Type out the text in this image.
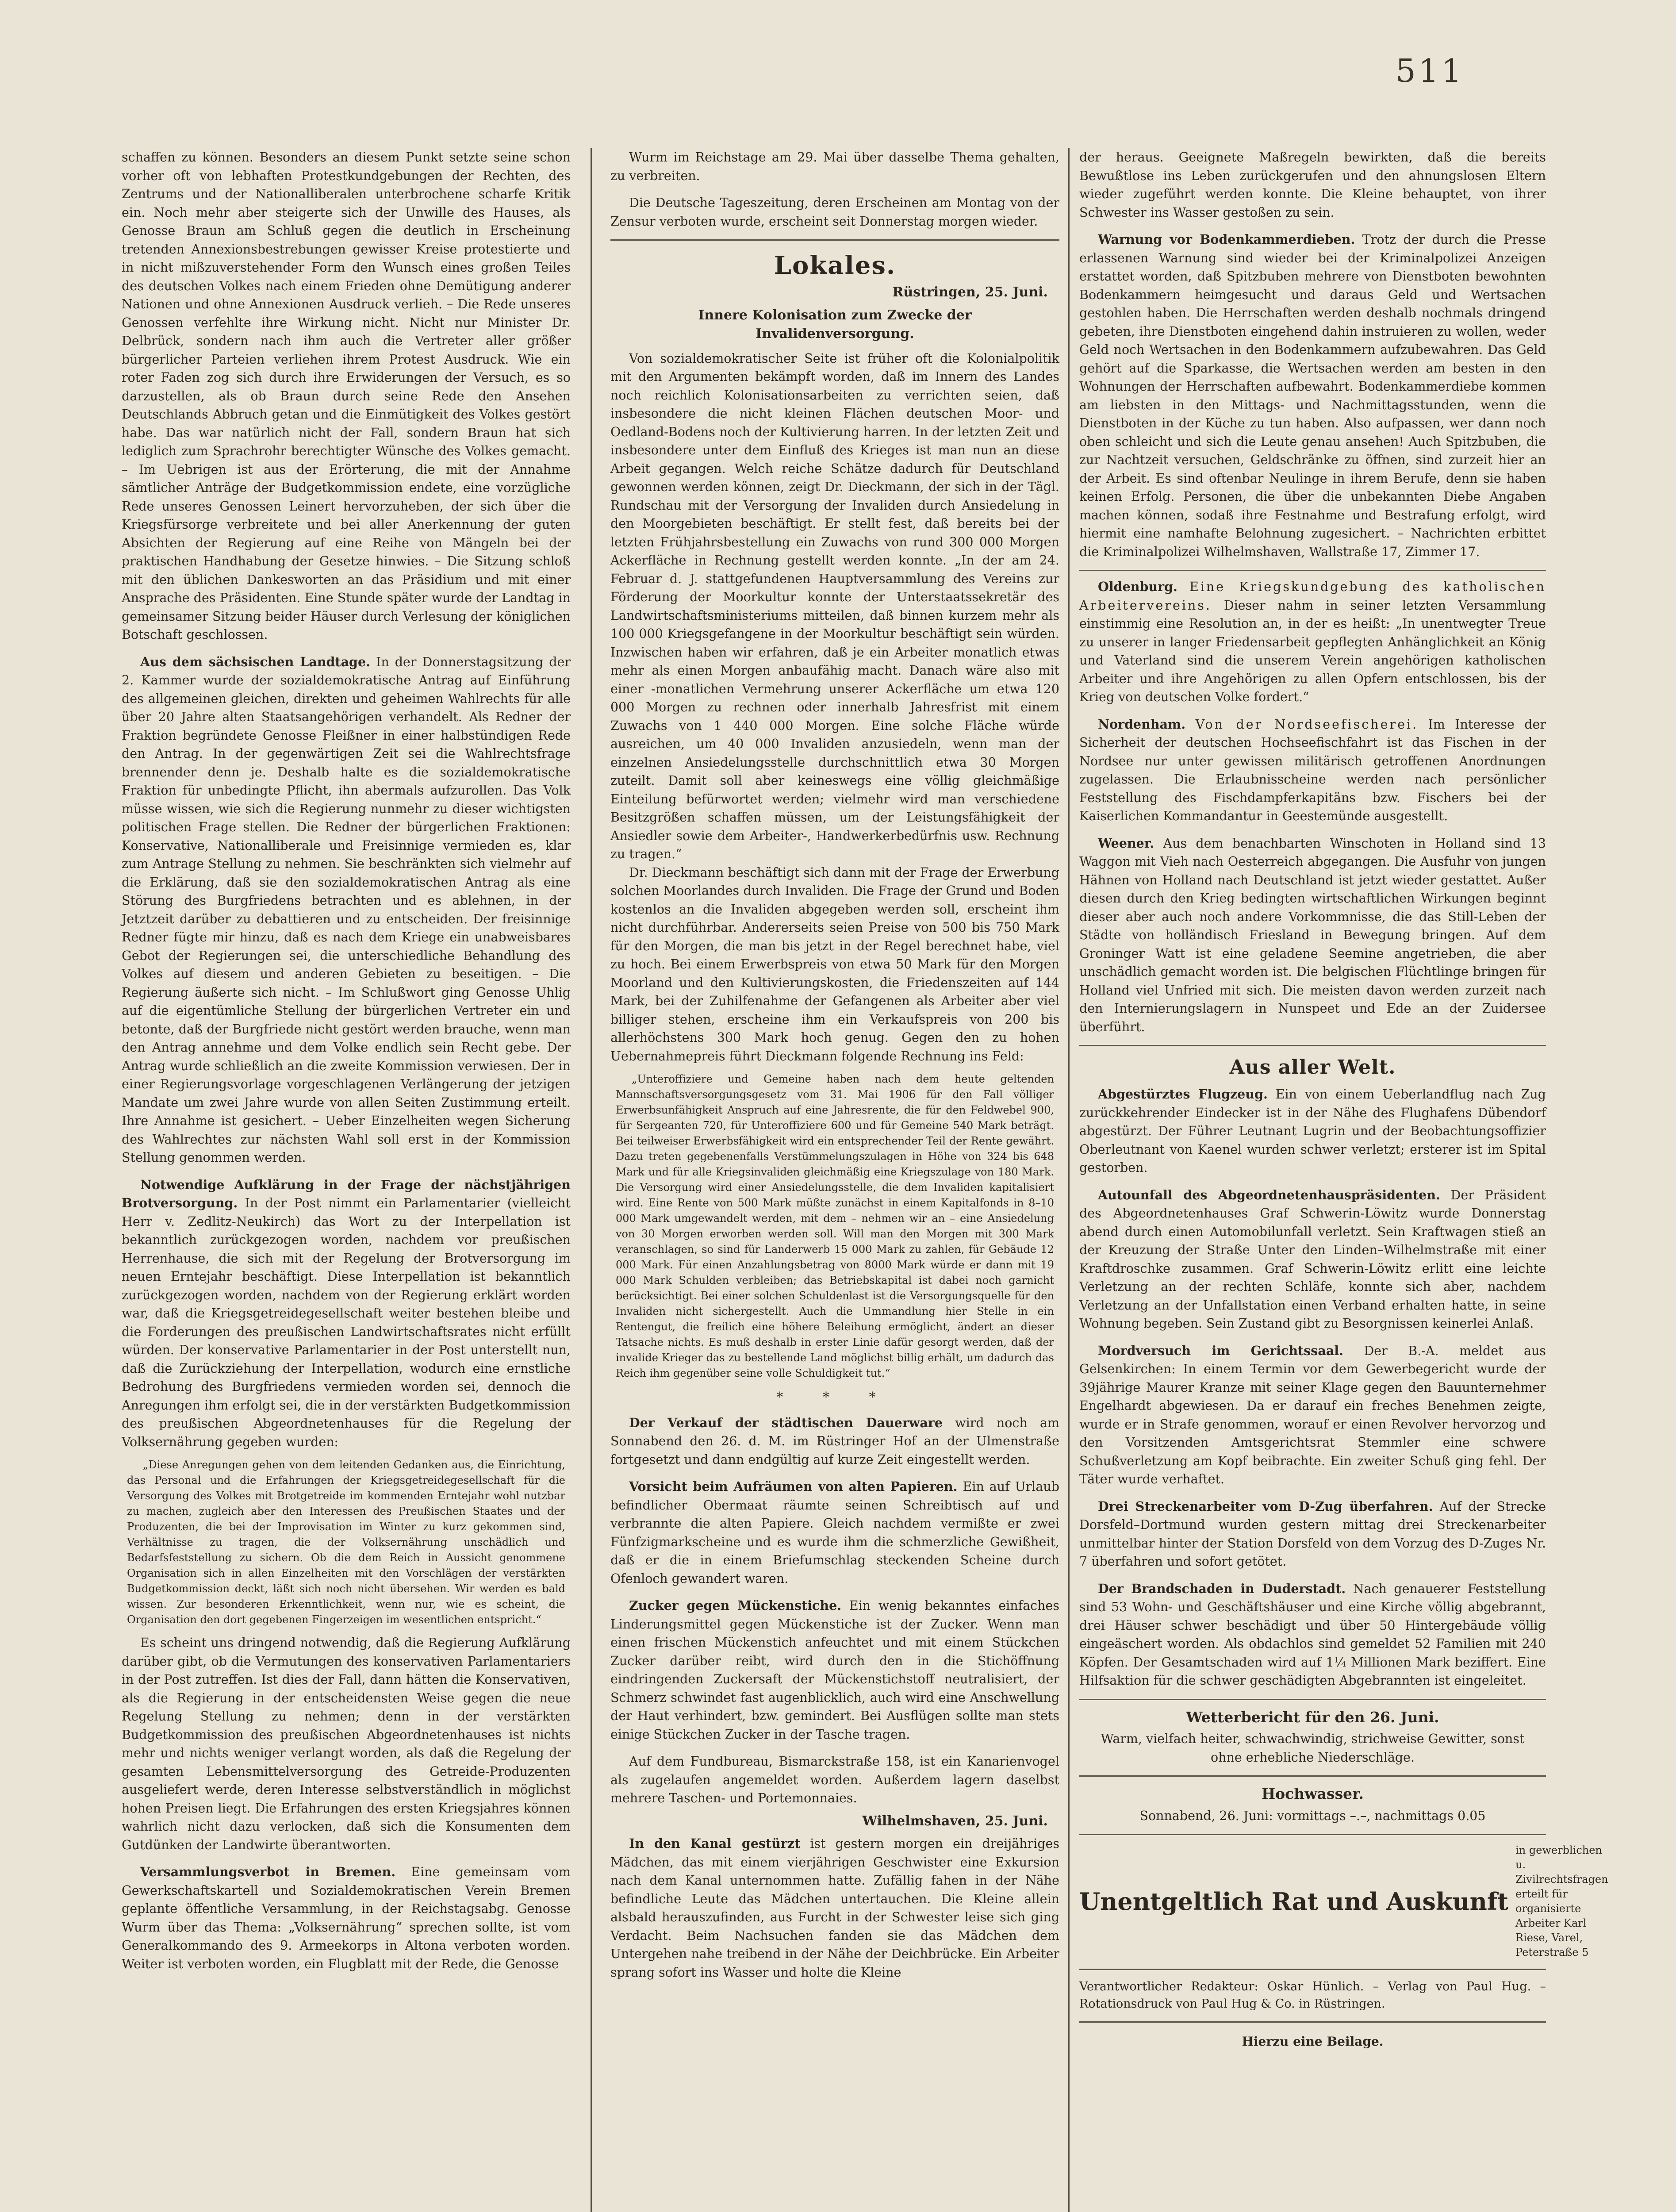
511

schaffen zu können. Besonders an diesem Punkt setzte seine schon vorher oft von lebhaften Protestkundgebungen der Rechten, des Zentrums und der Nationalliberalen unterbrochene scharfe Kritik ein. Noch mehr aber steigerte sich der Unwille des Hauses, als Genosse Braun am Schluß gegen die deutlich in Erscheinung tretenden Annexionsbestrebungen gewisser Kreise protestierte und in nicht mißzuverstehender Form den Wunsch eines großen Teiles des deutschen Volkes nach einem Frieden ohne Demütigung anderer Nationen und ohne Annexionen Ausdruck verlieh. – Die Rede unseres Genossen verfehlte ihre Wirkung nicht. Nicht nur Minister Dr. Delbrück, sondern nach ihm auch die Vertreter aller größer bürgerlicher Parteien verliehen ihrem Protest Ausdruck. Wie ein roter Faden zog sich durch ihre Erwiderungen der Versuch, es so darzustellen, als ob Braun durch seine Rede den Ansehen Deutschlands Abbruch getan und die Einmütigkeit des Volkes gestört habe. Das war natürlich nicht der Fall, sondern Braun hat sich lediglich zum Sprachrohr berechtigter Wünsche des Volkes gemacht. – Im Uebrigen ist aus der Erörterung, die mit der Annahme sämtlicher Anträge der Budgetkommission endete, eine vorzügliche Rede unseres Genossen Leinert hervorzuheben, der sich über die Kriegsfürsorge verbreitete und bei aller Anerkennung der guten Absichten der Regierung auf eine Reihe von Mängeln bei der praktischen Handhabung der Gesetze hinwies. – Die Sitzung schloß mit den üblichen Dankesworten an das Präsidium und mit einer Ansprache des Präsidenten. Eine Stunde später wurde der Landtag in gemeinsamer Sitzung beider Häuser durch Verlesung der königlichen Botschaft geschlossen.

Aus dem sächsischen Landtage. In der Donnerstagsitzung der 2. Kammer wurde der sozialdemokratische Antrag auf Einführung des allgemeinen gleichen, direkten und geheimen Wahlrechts für alle über 20 Jahre alten Staatsangehörigen verhandelt. Als Redner der Fraktion begründete Genosse Fleißner in einer halbstündigen Rede den Antrag. In der gegenwärtigen Zeit sei die Wahlrechtsfrage brennender denn je. Deshalb halte es die sozialdemokratische Fraktion für unbedingte Pflicht, ihn abermals aufzurollen. Das Volk müsse wissen, wie sich die Regierung nunmehr zu dieser wichtigsten politischen Frage stellen. Die Redner der bürgerlichen Fraktionen: Konservative, Nationalliberale und Freisinnige vermieden es, klar zum Antrage Stellung zu nehmen. Sie beschränkten sich vielmehr auf die Erklärung, daß sie den sozialdemokratischen Antrag als eine Störung des Burgfriedens betrachten und es ablehnen, in der Jetztzeit darüber zu debattieren und zu entscheiden. Der freisinnige Redner fügte mir hinzu, daß es nach dem Kriege ein unabweisbares Gebot der Regierungen sei, die unterschiedliche Behandlung des Volkes auf diesem und anderen Gebieten zu beseitigen. – Die Regierung äußerte sich nicht. – Im Schlußwort ging Genosse Uhlig auf die eigentümliche Stellung der bürgerlichen Vertreter ein und betonte, daß der Burgfriede nicht gestört werden brauche, wenn man den Antrag annehme und dem Volke endlich sein Recht gebe. Der Antrag wurde schließlich an die zweite Kommission verwiesen. Der in einer Regierungsvorlage vorgeschlagenen Verlängerung der jetzigen Mandate um zwei Jahre wurde von allen Seiten Zustimmung erteilt. Ihre Annahme ist gesichert. – Ueber Einzelheiten wegen Sicherung des Wahlrechtes zur nächsten Wahl soll erst in der Kommission Stellung genommen werden.

Notwendige Aufklärung in der Frage der nächstjährigen Brotversorgung. In der Post nimmt ein Parlamentarier (vielleicht Herr v. Zedlitz-Neukirch) das Wort zu der Interpellation ist bekanntlich zurückgezogen worden, nachdem vor preußischen Herrenhause, die sich mit der Regelung der Brotversorgung im neuen Erntejahr beschäftigt. Diese Interpellation ist bekanntlich zurückgezogen worden, nachdem von der Regierung erklärt worden war, daß die Kriegsgetreidegesellschaft weiter bestehen bleibe und die Forderungen des preußischen Landwirtschaftsrates nicht erfüllt würden. Der konservative Parlamentarier in der Post unterstellt nun, daß die Zurückziehung der Interpellation, wodurch eine ernstliche Bedrohung des Burgfriedens vermieden worden sei, dennoch die Anregungen ihm erfolgt sei, die in der verstärkten Budgetkommission des preußischen Abgeordnetenhauses für die Regelung der Volksernährung gegeben wurden:

„Diese Anregungen gehen von dem leitenden Gedanken aus, die Einrichtung, das Personal und die Erfahrungen der Kriegsgetreidegesellschaft für die Versorgung des Volkes mit Brotgetreide im kommenden Erntejahr wohl nutzbar zu machen, zugleich aber den Interessen des Preußischen Staates und der Produzenten, die bei der Improvisation im Winter zu kurz gekommen sind, Verhältnisse zu tragen, die der Volksernährung unschädlich und Bedarfsfeststellung zu sichern. Ob die dem Reich in Aussicht genommene Organisation sich in allen Einzelheiten mit den Vorschlägen der verstärkten Budgetkommission deckt, läßt sich noch nicht übersehen. Wir werden es bald wissen. Zur besonderen Erkenntlichkeit, wenn nur, wie es scheint, die Organisation den dort gegebenen Fingerzeigen im wesentlichen entspricht.“

Es scheint uns dringend notwendig, daß die Regierung Aufklärung darüber gibt, ob die Vermutungen des konservativen Parlamentariers in der Post zutreffen. Ist dies der Fall, dann hätten die Konservativen, als die Regierung in der entscheidensten Weise gegen die neue Regelung Stellung zu nehmen; denn in der verstärkten Budgetkommission des preußischen Abgeordnetenhauses ist nichts mehr und nichts weniger verlangt worden, als daß die Regelung der gesamten Lebensmittelversorgung des Getreide-Produzenten ausgeliefert werde, deren Interesse selbstverständlich in möglichst hohen Preisen liegt. Die Erfahrungen des ersten Kriegsjahres können wahrlich nicht dazu verlocken, daß sich die Konsumenten dem Gutdünken der Landwirte überantworten.

Versammlungsverbot in Bremen. Eine gemeinsam vom Gewerkschaftskartell und Sozialdemokratischen Verein Bremen geplante öffentliche Versammlung, in der Reichstagsabg. Genosse Wurm über das Thema: „Volksernährung“ sprechen sollte, ist vom Generalkommando des 9. Armeekorps in Altona verboten worden. Weiter ist verboten worden, ein Flugblatt mit der Rede, die Genosse

Wurm im Reichstage am 29. Mai über dasselbe Thema gehalten, zu verbreiten.

Die Deutsche Tageszeitung, deren Erscheinen am Montag von der Zensur verboten wurde, erscheint seit Donnerstag morgen wieder.

Lokales.

Rüstringen, 25. Juni.

Innere Kolonisation zum Zwecke der Invalidenversorgung.

Von sozialdemokratischer Seite ist früher oft die Kolonialpolitik mit den Argumenten bekämpft worden, daß im Innern des Landes noch reichlich Kolonisationsarbeiten zu verrichten seien, daß insbesondere die nicht kleinen Flächen deutschen Moor- und Oedland-Bodens noch der Kultivierung harren. In der letzten Zeit und insbesondere unter dem Einfluß des Krieges ist man nun an diese Arbeit gegangen. Welch reiche Schätze dadurch für Deutschland gewonnen werden können, zeigt Dr. Dieckmann, der sich in der Tägl. Rundschau mit der Versorgung der Invaliden durch Ansiedelung in den Moorgebieten beschäftigt. Er stellt fest, daß bereits bei der letzten Frühjahrsbestellung ein Zuwachs von rund 300 000 Morgen Ackerfläche in Rechnung gestellt werden konnte. „In der am 24. Februar d. J. stattgefundenen Hauptversammlung des Vereins zur Förderung der Moorkultur konnte der Unterstaatssekretär des Landwirtschaftsministeriums mitteilen, daß binnen kurzem mehr als 100 000 Kriegsgefangene in der Moorkultur beschäftigt sein würden. Inzwischen haben wir erfahren, daß je ein Arbeiter monatlich etwas mehr als einen Morgen anbaufähig macht. Danach wäre also mit einer -monatlichen Vermehrung unserer Ackerfläche um etwa 120 000 Morgen zu rechnen oder innerhalb Jahresfrist mit einem Zuwachs von 1 440 000 Morgen. Eine solche Fläche würde ausreichen, um 40 000 Invaliden anzusiedeln, wenn man der einzelnen Ansiedelungsstelle durchschnittlich etwa 30 Morgen zuteilt. Damit soll aber keineswegs eine völlig gleichmäßige Einteilung befürwortet werden; vielmehr wird man verschiedene Besitzgrößen schaffen müssen, um der Leistungsfähigkeit der Ansiedler sowie dem Arbeiter-, Handwerkerbedürfnis usw. Rechnung zu tragen.“

Dr. Dieckmann beschäftigt sich dann mit der Frage der Erwerbung solchen Moorlandes durch Invaliden. Die Frage der Grund und Boden kostenlos an die Invaliden abgegeben werden soll, erscheint ihm nicht durchführbar. Andererseits seien Preise von 500 bis 750 Mark für den Morgen, die man bis jetzt in der Regel berechnet habe, viel zu hoch. Bei einem Erwerbspreis von etwa 50 Mark für den Morgen Moorland und den Kultivierungskosten, die Friedenszeiten auf 144 Mark, bei der Zuhilfenahme der Gefangenen als Arbeiter aber viel billiger stehen, erscheine ihm ein Verkaufspreis von 200 bis allerhöchstens 300 Mark hoch genug. Gegen den zu hohen Uebernahmepreis führt Dieckmann folgende Rechnung ins Feld:

„Unteroffiziere und Gemeine haben nach dem heute geltenden Mannschaftsversorgungsgesetz vom 31. Mai 1906 für den Fall völliger Erwerbsunfähigkeit Anspruch auf eine Jahresrente, die für den Feldwebel 900, für Sergeanten 720, für Unteroffiziere 600 und für Gemeine 540 Mark beträgt. Bei teilweiser Erwerbsfähigkeit wird ein entsprechender Teil der Rente gewährt. Dazu treten gegebenenfalls Verstümmelungszulagen in Höhe von 324 bis 648 Mark und für alle Kriegsinvaliden gleichmäßig eine Kriegszulage von 180 Mark. Die Versorgung wird einer Ansiedelungsstelle, die dem Invaliden kapitalisiert wird. Eine Rente von 500 Mark müßte zunächst in einem Kapitalfonds in 8–10 000 Mark umgewandelt werden, mit dem – nehmen wir an – eine Ansiedelung von 30 Morgen erworben werden soll. Will man den Morgen mit 300 Mark veranschlagen, so sind für Landerwerb 15 000 Mark zu zahlen, für Gebäude 12 000 Mark. Für einen Anzahlungsbetrag von 8000 Mark würde er dann mit 19 000 Mark Schulden verbleiben; das Betriebskapital ist dabei noch garnicht berücksichtigt. Bei einer solchen Schuldenlast ist die Versorgungsquelle für den Invaliden nicht sichergestellt. Auch die Ummandlung hier Stelle in ein Rentengut, die freilich eine höhere Beleihung ermöglicht, ändert an dieser Tatsache nichts. Es muß deshalb in erster Linie dafür gesorgt werden, daß der invalide Krieger das zu bestellende Land möglichst billig erhält, um dadurch das Reich ihm gegenüber seine volle Schuldigkeit tut.“

* * *

Der Verkauf der städtischen Dauerware wird noch am Sonnabend den 26. d. M. im Rüstringer Hof an der Ulmenstraße fortgesetzt und dann endgültig auf kurze Zeit eingestellt werden.

Vorsicht beim Aufräumen von alten Papieren. Ein auf Urlaub befindlicher Obermaat räumte seinen Schreibtisch auf und verbrannte die alten Papiere. Gleich nachdem vermißte er zwei Fünfzigmarkscheine und es wurde ihm die schmerzliche Gewißheit, daß er die in einem Briefumschlag steckenden Scheine durch Ofenloch gewandert waren.

Zucker gegen Mückenstiche. Ein wenig bekanntes einfaches Linderungsmittel gegen Mückenstiche ist der Zucker. Wenn man einen frischen Mückenstich anfeuchtet und mit einem Stückchen Zucker darüber reibt, wird durch den in die Stichöffnung eindringenden Zuckersaft der Mückenstichstoff neutralisiert, der Schmerz schwindet fast augenblicklich, auch wird eine Anschwellung der Haut verhindert, bzw. gemindert. Bei Ausflügen sollte man stets einige Stückchen Zucker in der Tasche tragen.

Auf dem Fundbureau, Bismarckstraße 158, ist ein Kanarienvogel als zugelaufen angemeldet worden. Außerdem lagern daselbst mehrere Taschen- und Portemonnaies.

Wilhelmshaven, 25. Juni.

In den Kanal gestürzt ist gestern morgen ein dreijähriges Mädchen, das mit einem vierjährigen Geschwister eine Exkursion nach dem Kanal unternommen hatte. Zufällig fahen in der Nähe befindliche Leute das Mädchen untertauchen. Die Kleine allein alsbald herauszufinden, aus Furcht in der Schwester leise sich ging Verdacht. Beim Nachsuchen fanden sie das Mädchen dem Untergehen nahe treibend in der Nähe der Deichbrücke. Ein Arbeiter sprang sofort ins Wasser und holte die Kleine

der heraus. Geeignete Maßregeln bewirkten, daß die bereits Bewußtlose ins Leben zurückgerufen und den ahnungslosen Eltern wieder zugeführt werden konnte. Die Kleine behauptet, von ihrer Schwester ins Wasser gestoßen zu sein.

Warnung vor Bodenkammerdieben. Trotz der durch die Presse erlassenen Warnung sind wieder bei der Kriminalpolizei Anzeigen erstattet worden, daß Spitzbuben mehrere von Dienstboten bewohnten Bodenkammern heimgesucht und daraus Geld und Wertsachen gestohlen haben. Die Herrschaften werden deshalb nochmals dringend gebeten, ihre Dienstboten eingehend dahin instruieren zu wollen, weder Geld noch Wertsachen in den Bodenkammern aufzubewahren. Das Geld gehört auf die Sparkasse, die Wertsachen werden am besten in den Wohnungen der Herrschaften aufbewahrt. Bodenkammerdiebe kommen am liebsten in den Mittags- und Nachmittagsstunden, wenn die Dienstboten in der Küche zu tun haben. Also aufpassen, wer dann noch oben schleicht und sich die Leute genau ansehen! Auch Spitzbuben, die zur Nachtzeit versuchen, Geldschränke zu öffnen, sind zurzeit hier an der Arbeit. Es sind oftenbar Neulinge in ihrem Berufe, denn sie haben keinen Erfolg. Personen, die über die unbekannten Diebe Angaben machen können, sodaß ihre Festnahme und Bestrafung erfolgt, wird hiermit eine namhafte Belohnung zugesichert. – Nachrichten erbittet die Kriminalpolizei Wilhelmshaven, Wallstraße 17, Zimmer 17.

Oldenburg. Eine Kriegskundgebung des katholischen Arbeitervereins. Dieser nahm in seiner letzten Versammlung einstimmig eine Resolution an, in der es heißt: „In unentwegter Treue zu unserer in langer Friedensarbeit gepflegten Anhänglichkeit an König und Vaterland sind die unserem Verein angehörigen katholischen Arbeiter und ihre Angehörigen zu allen Opfern entschlossen, bis der Krieg von deutschen Volke fordert.“

Nordenham. Von der Nordseefischerei. Im Interesse der Sicherheit der deutschen Hochseefischfahrt ist das Fischen in der Nordsee nur unter gewissen militärisch getroffenen Anordnungen zugelassen. Die Erlaubnisscheine werden nach persönlicher Feststellung des Fischdampferkapitäns bzw. Fischers bei der Kaiserlichen Kommandantur in Geestemünde ausgestellt.

Weener. Aus dem benachbarten Winschoten in Holland sind 13 Waggon mit Vieh nach Oesterreich abgegangen. Die Ausfuhr von jungen Hähnen von Holland nach Deutschland ist jetzt wieder gestattet. Außer diesen durch den Krieg bedingten wirtschaftlichen Wirkungen beginnt dieser aber auch noch andere Vorkommnisse, die das Still-Leben der Städte von holländisch Friesland in Bewegung bringen. Auf dem Groninger Watt ist eine geladene Seemine angetrieben, die aber unschädlich gemacht worden ist. Die belgischen Flüchtlinge bringen für Holland viel Unfried mit sich. Die meisten davon werden zurzeit nach den Internierungslagern in Nunspeet und Ede an der Zuidersee überführt.

Aus aller Welt.

Abgestürztes Flugzeug. Ein von einem Ueberlandflug nach Zug zurückkehrender Eindecker ist in der Nähe des Flughafens Dübendorf abgestürzt. Der Führer Leutnant Lugrin und der Beobachtungsoffizier Oberleutnant von Kaenel wurden schwer verletzt; ersterer ist im Spital gestorben.

Autounfall des Abgeordnetenhauspräsidenten. Der Präsident des Abgeordnetenhauses Graf Schwerin-Löwitz wurde Donnerstag abend durch einen Automobilunfall verletzt. Sein Kraftwagen stieß an der Kreuzung der Straße Unter den Linden–Wilhelmstraße mit einer Kraftdroschke zusammen. Graf Schwerin-Löwitz erlitt eine leichte Verletzung an der rechten Schläfe, konnte sich aber, nachdem Verletzung an der Unfallstation einen Verband erhalten hatte, in seine Wohnung begeben. Sein Zustand gibt zu Besorgnissen keinerlei Anlaß.

Mordversuch im Gerichtssaal. Der B.-A. meldet aus Gelsenkirchen: In einem Termin vor dem Gewerbegericht wurde der 39jährige Maurer Kranze mit seiner Klage gegen den Bauunternehmer Engelhardt abgewiesen. Da er darauf ein freches Benehmen zeigte, wurde er in Strafe genommen, worauf er einen Revolver hervorzog und den Vorsitzenden Amtsgerichtsrat Stemmler eine schwere Schußverletzung am Kopf beibrachte. Ein zweiter Schuß ging fehl. Der Täter wurde verhaftet.

Drei Streckenarbeiter vom D-Zug überfahren. Auf der Strecke Dorsfeld–Dortmund wurden gestern mittag drei Streckenarbeiter unmittelbar hinter der Station Dorsfeld von dem Vorzug des D-Zuges Nr. 7 überfahren und sofort getötet.

Der Brandschaden in Duderstadt. Nach genauerer Feststellung sind 53 Wohn- und Geschäftshäuser und eine Kirche völlig abgebrannt, drei Häuser schwer beschädigt und über 50 Hintergebäude völlig eingeäschert worden. Als obdachlos sind gemeldet 52 Familien mit 240 Köpfen. Der Gesamtschaden wird auf 1¼ Millionen Mark beziffert. Eine Hilfsaktion für die schwer geschädigten Abgebrannten ist eingeleitet.

Wetterbericht für den 26. Juni.

Warm, vielfach heiter, schwachwindig, strichweise Gewitter, sonst ohne erhebliche Niederschläge.

Hochwasser.

Sonnabend, 26. Juni: vormittags –.–, nachmittags 0.05

Unentgeltlich Rat und Auskunft
in gewerblichen u. Zivilrechtsfragen erteilt für organisierte Arbeiter Karl Riese, Varel, Peterstraße 5

Verantwortlicher Redakteur: Oskar Hünlich. – Verlag von Paul Hug. – Rotationsdruck von Paul Hug & Co. in Rüstringen.

Hierzu eine Beilage.
